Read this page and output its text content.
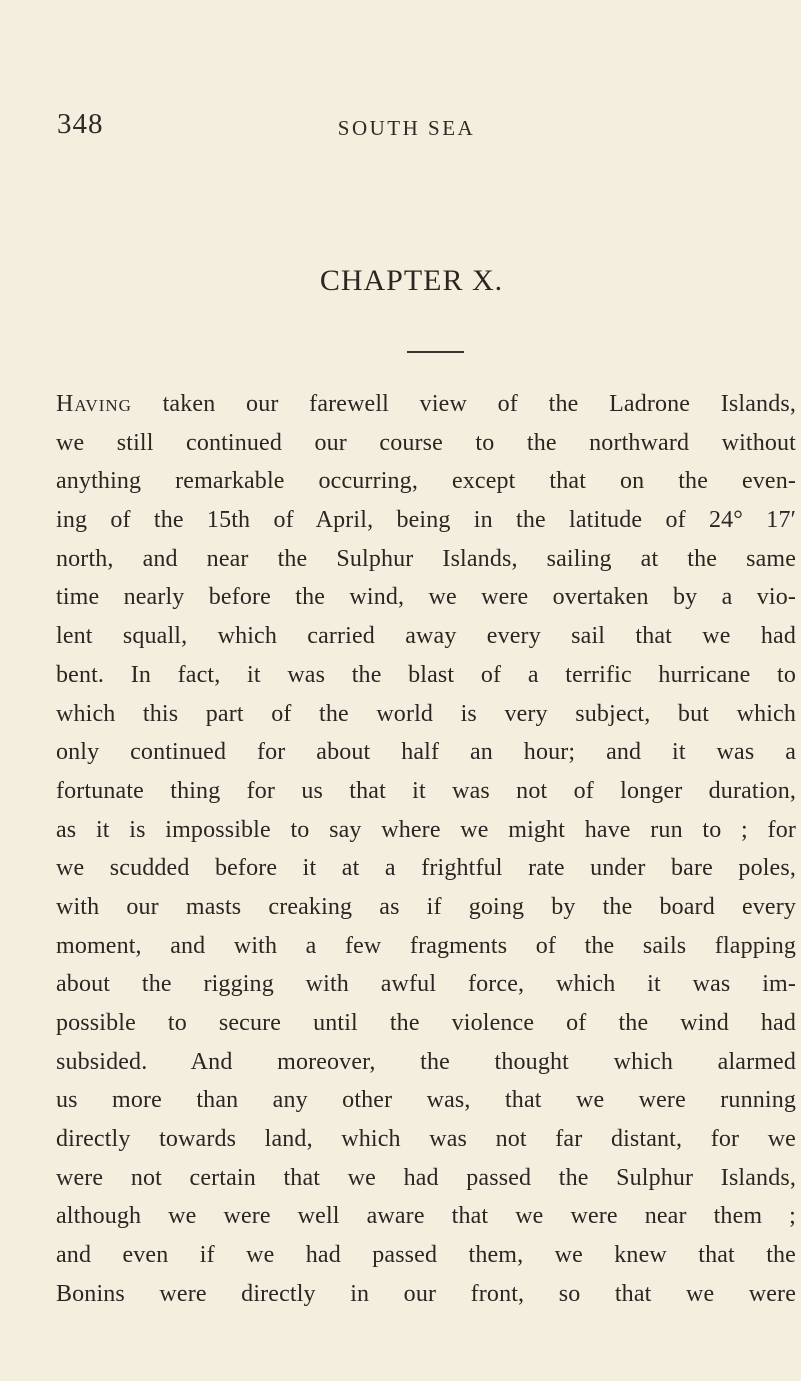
348	SOUTH SEA
CHAPTER X.
Having taken our farewell view of the Ladrone Islands,
we still continued our course to the northward without
anything remarkable occurring, except that on the even-
ing of the 15th of April, being in the latitude of 24° 17′
north, and near the Sulphur Islands, sailing at the same
time nearly before the wind, we were overtaken by a vio-
lent squall, which carried away every sail that we had
bent. In fact, it was the blast of a terrific hurricane to
which this part of the world is very subject, but which
only continued for about half an hour; and it was a
fortunate thing for us that it was not of longer duration,
as it is impossible to say where we might have run to ; for
we scudded before it at a frightful rate under bare poles,
with our masts creaking as if going by the board every
moment, and with a few fragments of the sails flapping
about the rigging with awful force, which it was im-
possible to secure until the violence of the wind had
subsided. And moreover, the thought which alarmed
us more than any other was, that we were running
directly towards land, which was not far distant, for we
were not certain that we had passed the Sulphur Islands,
although we were well aware that we were near them ;
and even if we had passed them, we knew that the
Bonins were directly in our front, so that we were
